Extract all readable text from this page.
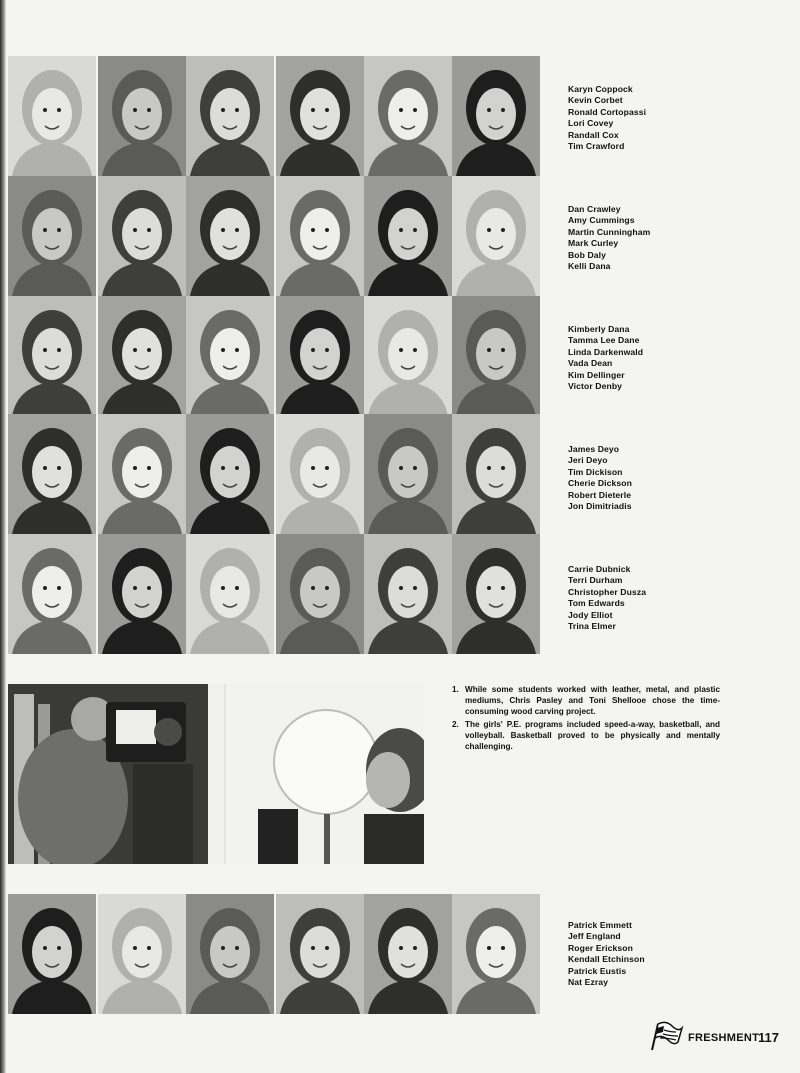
1. While some students worked with leather, metal, and plastic mediums, Chris Pasley and Toni Shellooe chose the time-consuming wood carving project.
2. The girls' P.E. programs included speed-a-way, basketball, and volleyball. Basketball proved to be physically and mentally challenging.
FRESHMENT
117
Karyn Coppock
Kevin Corbet
Ronald Cortopassi
Lori Covey
Randall Cox
Tim Crawford
Dan Crawley
Amy Cummings
Martin Cunningham
Mark Curley
Bob Daly
Kelli Dana
Kimberly Dana
Tamma Lee Dane
Linda Darkenwald
Vada Dean
Kim Dellinger
Victor Denby
James Deyo
Jeri Deyo
Tim Dickison
Cherie Dickson
Robert Dieterle
Jon Dimitriadis
Carrie Dubnick
Terri Durham
Christopher Dusza
Tom Edwards
Jody Elliot
Trina Elmer
Patrick Emmett
Jeff England
Roger Erickson
Kendall Etchinson
Patrick Eustis
Nat Ezray
